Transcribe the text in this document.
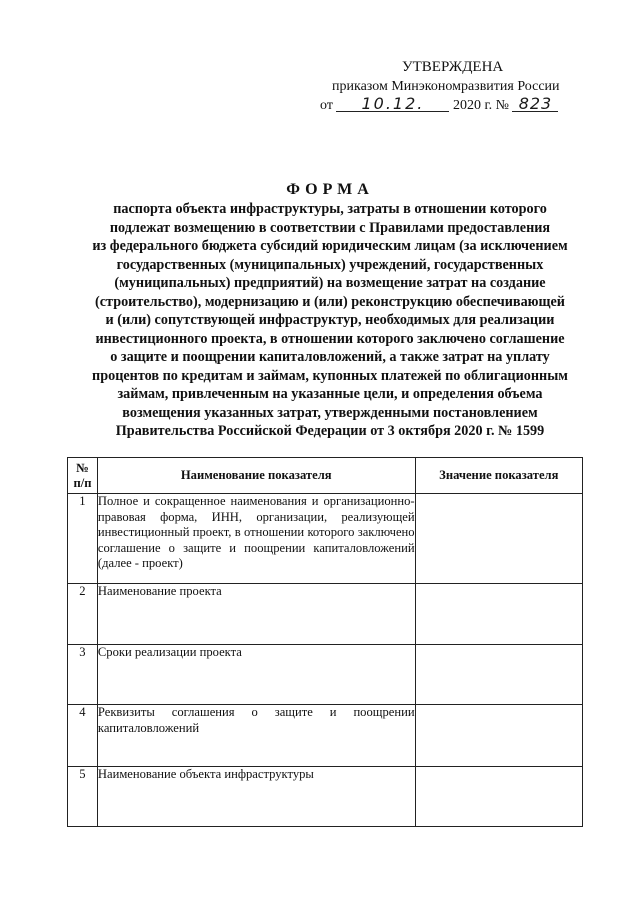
УТВЕРЖДЕНА
приказом Минэкономразвития России
от 10.12. 2020 г. № 823
ФОРМА
паспорта объекта инфраструктуры, затраты в отношении которого
подлежат возмещению в соответствии с Правилами предоставления
из федерального бюджета субсидий юридическим лицам (за исключением
государственных (муниципальных) учреждений, государственных
(муниципальных) предприятий) на возмещение затрат на создание
(строительство), модернизацию и (или) реконструкцию обеспечивающей
и (или) сопутствующей инфраструктур, необходимых для реализации
инвестиционного проекта, в отношении которого заключено соглашение
о защите и поощрении капиталовложений, а также затрат на уплату
процентов по кредитам и займам, купонных платежей по облигационным
займам, привлеченным на указанные цели, и определения объема
возмещения указанных затрат, утвержденными постановлением
Правительства Российской Федерации от 3 октября 2020 г. № 1599
№
п/п	Наименование показателя	Значение показателя
1	Полное и сокращенное наименования и организационно-правовая форма, ИНН, организации, реализующей инвестиционный проект, в отношении которого заключено соглашение о защите и поощрении капиталовложений (далее - проект)	
2	Наименование проекта	
3	Сроки реализации проекта	
4	Реквизиты соглашения о защите и поощрении капиталовложений	
5	Наименование объекта инфраструктуры	
